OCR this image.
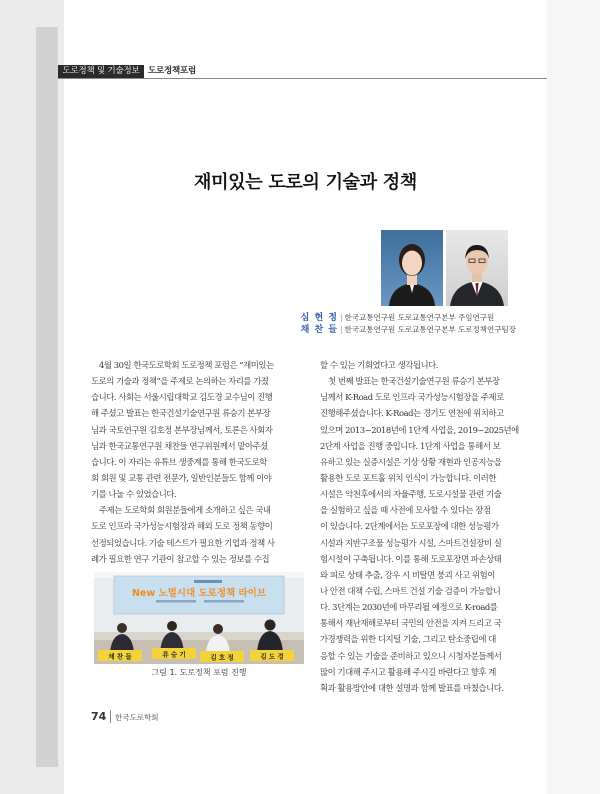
도로정책 및 기술정보 도로정책포럼
재미있는 도로의 기술과 정책
심 현 정 | 한국교통연구원 도로교통연구본부 주임연구원
채 찬 들 | 한국교통연구원 도로교통연구본부 도로정책연구팀장
4월 30일 한국도로학회 도로정책 포럼은 “재미있는
도로의 기술과 정책”을 주제로 논의하는 자리를 가졌
습니다. 사회는 서울시립대학교 김도경 교수님이 진행
해 주셨고 발표는 한국건설기술연구원 류승기 본부장
님과 국토연구원 김호정 본부장님께서, 토론은 사회자
님과 한국교통연구원 채찬들 연구위원께서 맡아주셨
습니다. 이 자리는 유튜브 생중계를 통해 한국도로학
회 회원 및 교통 관련 전문가, 일반인분들도 함께 이야
기를 나눌 수 있었습니다.
주제는 도로학회 회원분들에게 소개하고 싶은 국내
도로 인프라 국가성능시험장과 해외 도로 정책 동향이
선정되었습니다. 기술 테스트가 필요한 기업과 정책 사
례가 필요한 연구 기관이 참고할 수 있는 정보를 수집
New 노멀시대 도로정책 라이브
채 찬 들	류 승 기	김 호 정	김 도 경
그림 1. 도로정책 포럼 진행
할 수 있는 기회였다고 생각됩니다.
첫 번째 발표는 한국건설기술연구원 류승기 본부장
님께서 K-Road 도로 인프라 국가성능시험장을 주제로
진행해주셨습니다. K-Road는 경기도 연천에 위치하고
있으며 2013~2018년에 1단계 사업을, 2019~2025년에
2단계 사업을 진행 중입니다. 1단계 사업을 통해서 보
유하고 있는 실증시설은 기상 상황 재현과 인공지능을
활용한 도로 포트홀 위치 인식이 가능합니다. 이러한
시설은 악천후에서의 자율주행, 도로시설물 관련 기술
을 실험하고 싶을 때 사전에 모사할 수 있다는 장점
이 있습니다. 2단계에서는 도로포장에 대한 성능평가
시설과 지반구조물 성능평가 시설, 스마트건설장비 실
험시설이 구축됩니다. 이를 통해 도로포장면 파손상태
와 피로 상태 추출, 강우 시 비탈면 붕괴 사고 위험이
나 안전 대책 수립, 스마트 건설 기술 검증이 가능합니
다. 3단계는 2030년에 마무리될 예정으로 K-road를
통해서 재난재해로부터 국민의 안전을 지켜 드리고 국
가경쟁력을 위한 디지털 기술, 그리고 탄소중립에 대
응할 수 있는 기술을 준비하고 있으니 시청자분들께서
많이 기대해 주시고 활용해 주시길 바란다고 향후 계
획과 활용방안에 대한 설명과 함께 발표를 마쳤습니다.
74 한국도로학회
